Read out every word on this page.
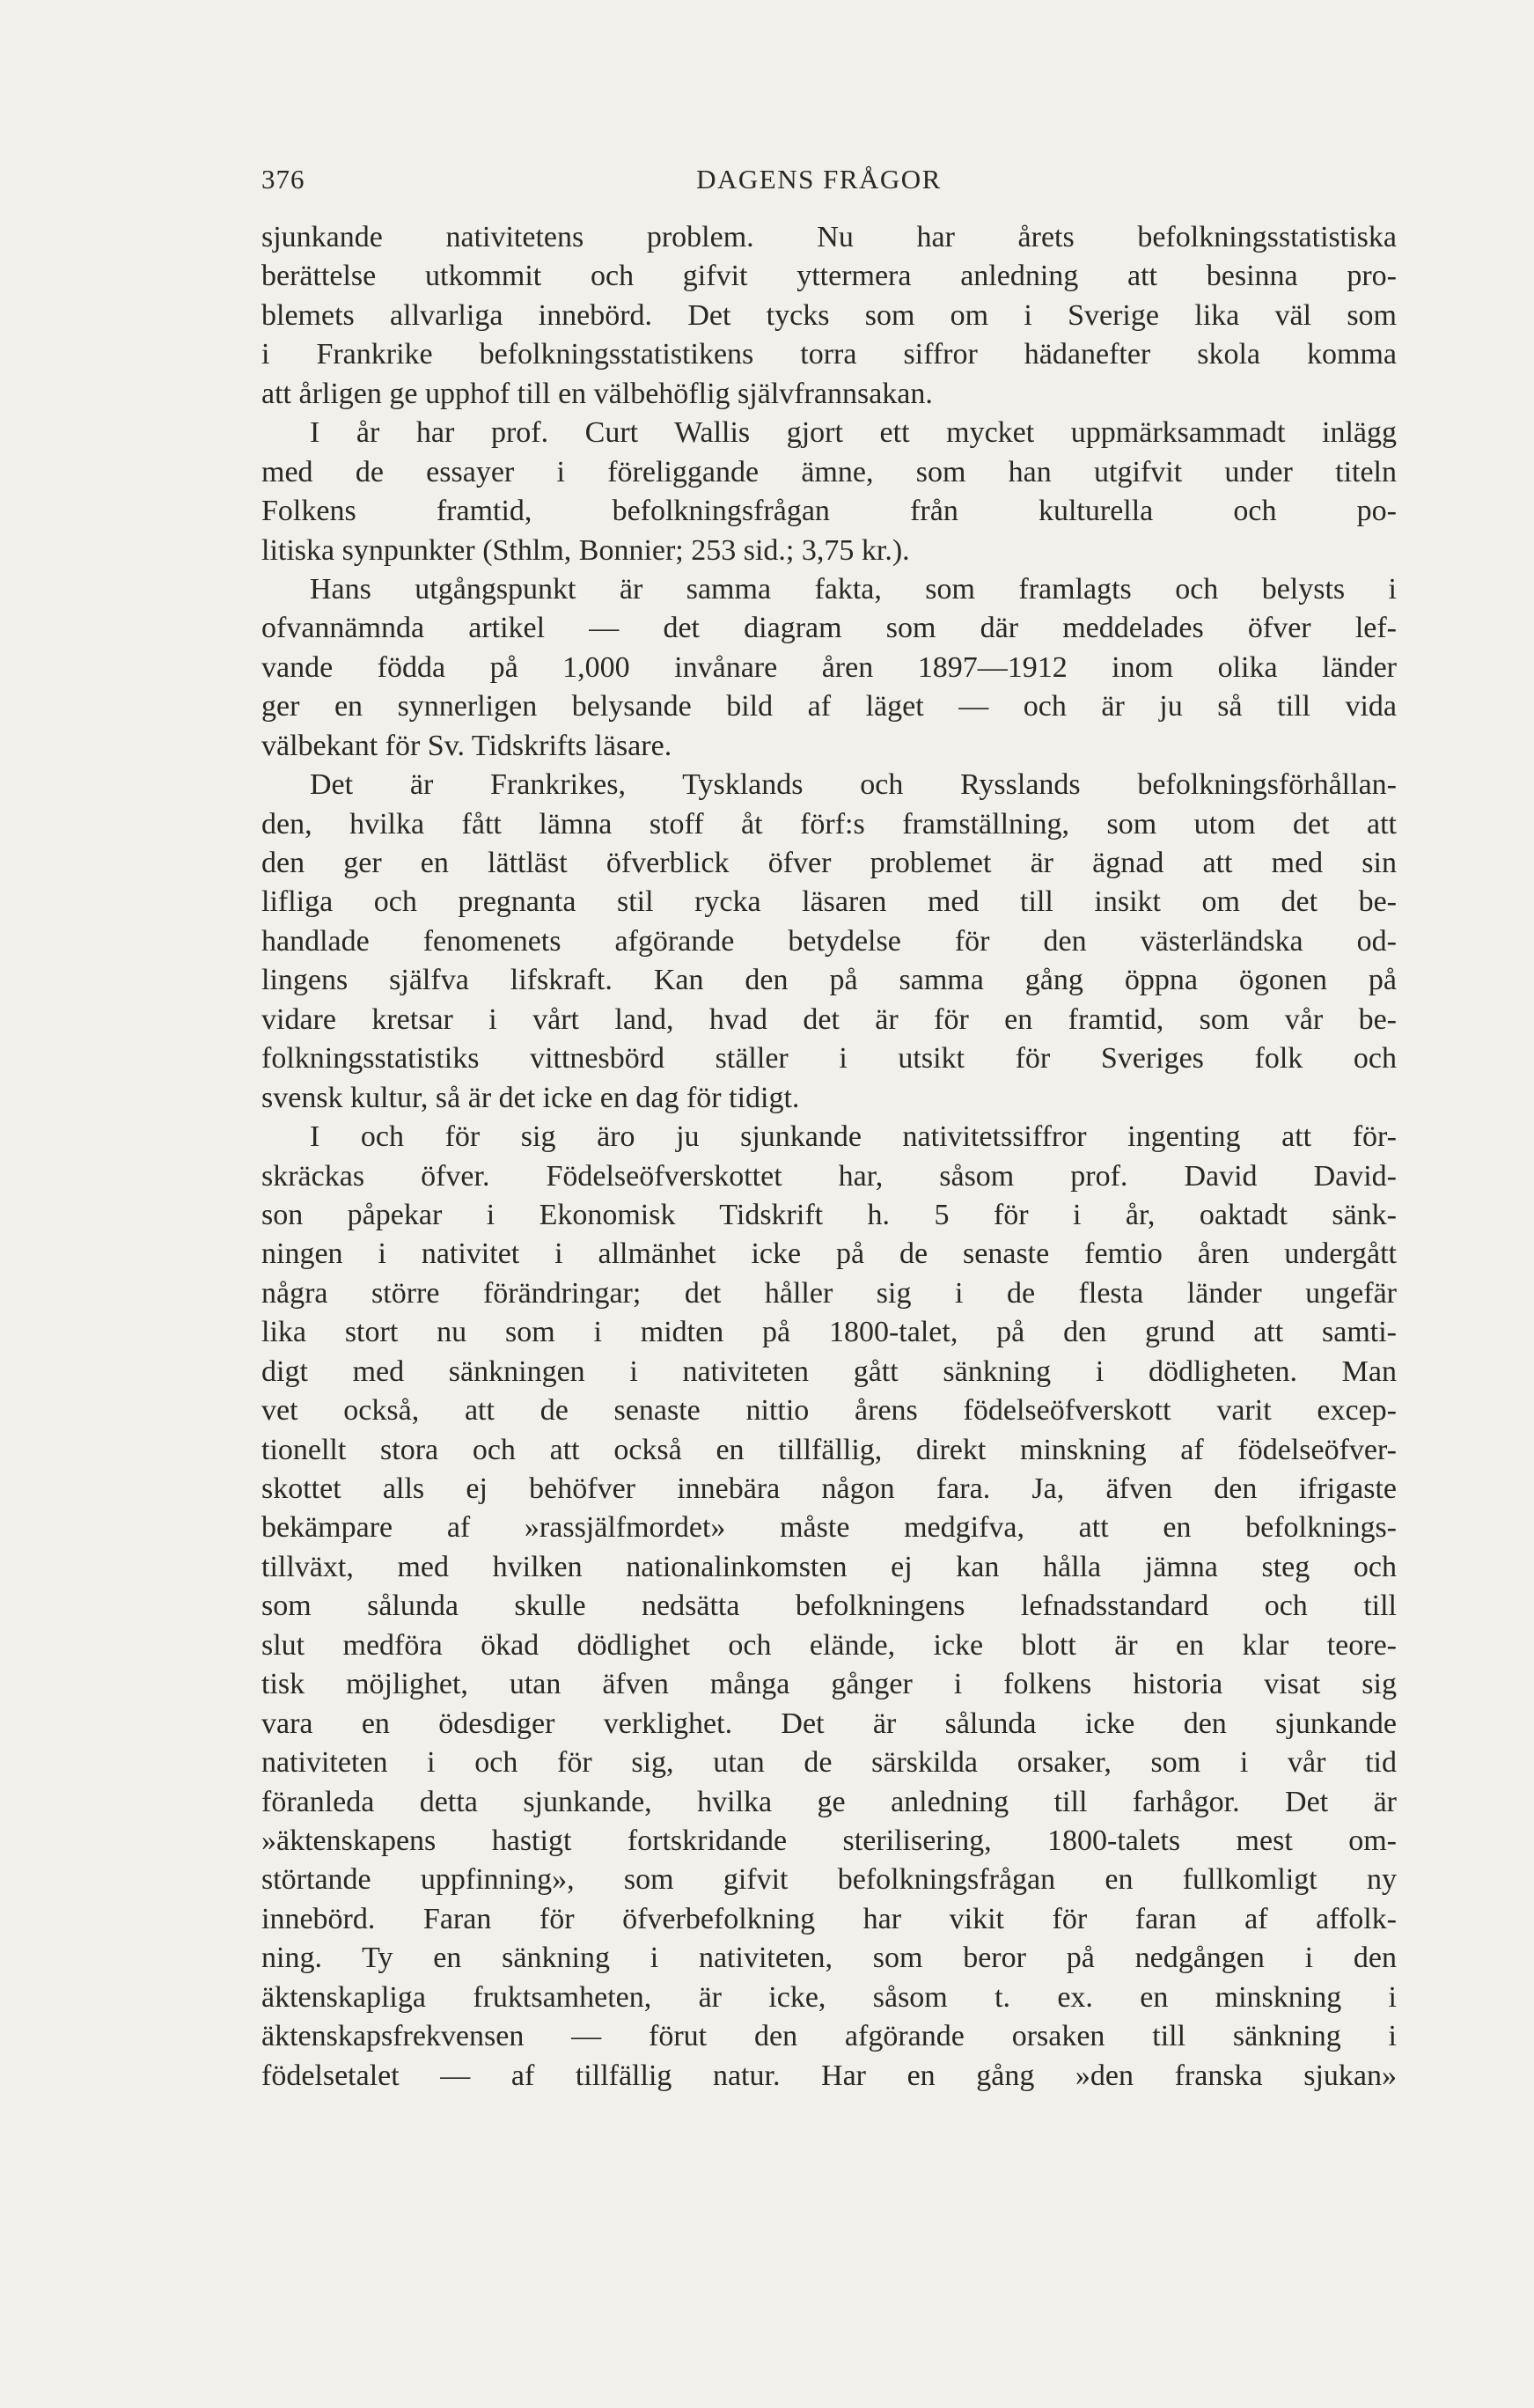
376	DAGENS FRÅGOR
sjunkande nativitetens problem. Nu har årets befolkningsstatistiska
berättelse utkommit och gifvit yttermera anledning att besinna pro-
blemets allvarliga innebörd. Det tycks som om i Sverige lika väl som
i Frankrike befolkningsstatistikens torra siffror hädanefter skola komma
att årligen ge upphof till en välbehöflig självfrannsakan.
I år har prof. Curt Wallis gjort ett mycket uppmärksammadt inlägg
med de essayer i föreliggande ämne, som han utgifvit under titeln
Folkens framtid, befolkningsfrågan från kulturella och po-
litiska synpunkter (Sthlm, Bonnier; 253 sid.; 3,75 kr.).
Hans utgångspunkt är samma fakta, som framlagts och belysts i
ofvannämnda artikel — det diagram som där meddelades öfver lef-
vande födda på 1,000 invånare åren 1897—1912 inom olika länder
ger en synnerligen belysande bild af läget — och är ju så till vida
välbekant för Sv. Tidskrifts läsare.
Det är Frankrikes, Tysklands och Rysslands befolkningsförhållan-
den, hvilka fått lämna stoff åt förf:s framställning, som utom det att
den ger en lättläst öfverblick öfver problemet är ägnad att med sin
lifliga och pregnanta stil rycka läsaren med till insikt om det be-
handlade fenomenets afgörande betydelse för den västerländska od-
lingens själfva lifskraft. Kan den på samma gång öppna ögonen på
vidare kretsar i vårt land, hvad det är för en framtid, som vår be-
folkningsstatistiks vittnesbörd ställer i utsikt för Sveriges folk och
svensk kultur, så är det icke en dag för tidigt.
I och för sig äro ju sjunkande nativitetssiffror ingenting att för-
skräckas öfver. Födelseöfverskottet har, såsom prof. David David-
son påpekar i Ekonomisk Tidskrift h. 5 för i år, oaktadt sänk-
ningen i nativitet i allmänhet icke på de senaste femtio åren undergått
några större förändringar; det håller sig i de flesta länder ungefär
lika stort nu som i midten på 1800-talet, på den grund att samti-
digt med sänkningen i nativiteten gått sänkning i dödligheten. Man
vet också, att de senaste nittio årens födelseöfverskott varit excep-
tionellt stora och att också en tillfällig, direkt minskning af födelseöfver-
skottet alls ej behöfver innebära någon fara. Ja, äfven den ifrigaste
bekämpare af »rassjälfmordet» måste medgifva, att en befolknings-
tillväxt, med hvilken nationalinkomsten ej kan hålla jämna steg och
som sålunda skulle nedsätta befolkningens lefnadsstandard och till
slut medföra ökad dödlighet och elände, icke blott är en klar teore-
tisk möjlighet, utan äfven många gånger i folkens historia visat sig
vara en ödesdiger verklighet. Det är sålunda icke den sjunkande
nativiteten i och för sig, utan de särskilda orsaker, som i vår tid
föranleda detta sjunkande, hvilka ge anledning till farhågor. Det är
»äktenskapens hastigt fortskridande sterilisering, 1800-talets mest om-
störtande uppfinning», som gifvit befolkningsfrågan en fullkomligt ny
innebörd. Faran för öfverbefolkning har vikit för faran af affolk-
ning. Ty en sänkning i nativiteten, som beror på nedgången i den
äktenskapliga fruktsamheten, är icke, såsom t. ex. en minskning i
äktenskapsfrekvensen — förut den afgörande orsaken till sänkning i
födelsetalet — af tillfällig natur. Har en gång »den franska sjukan»
